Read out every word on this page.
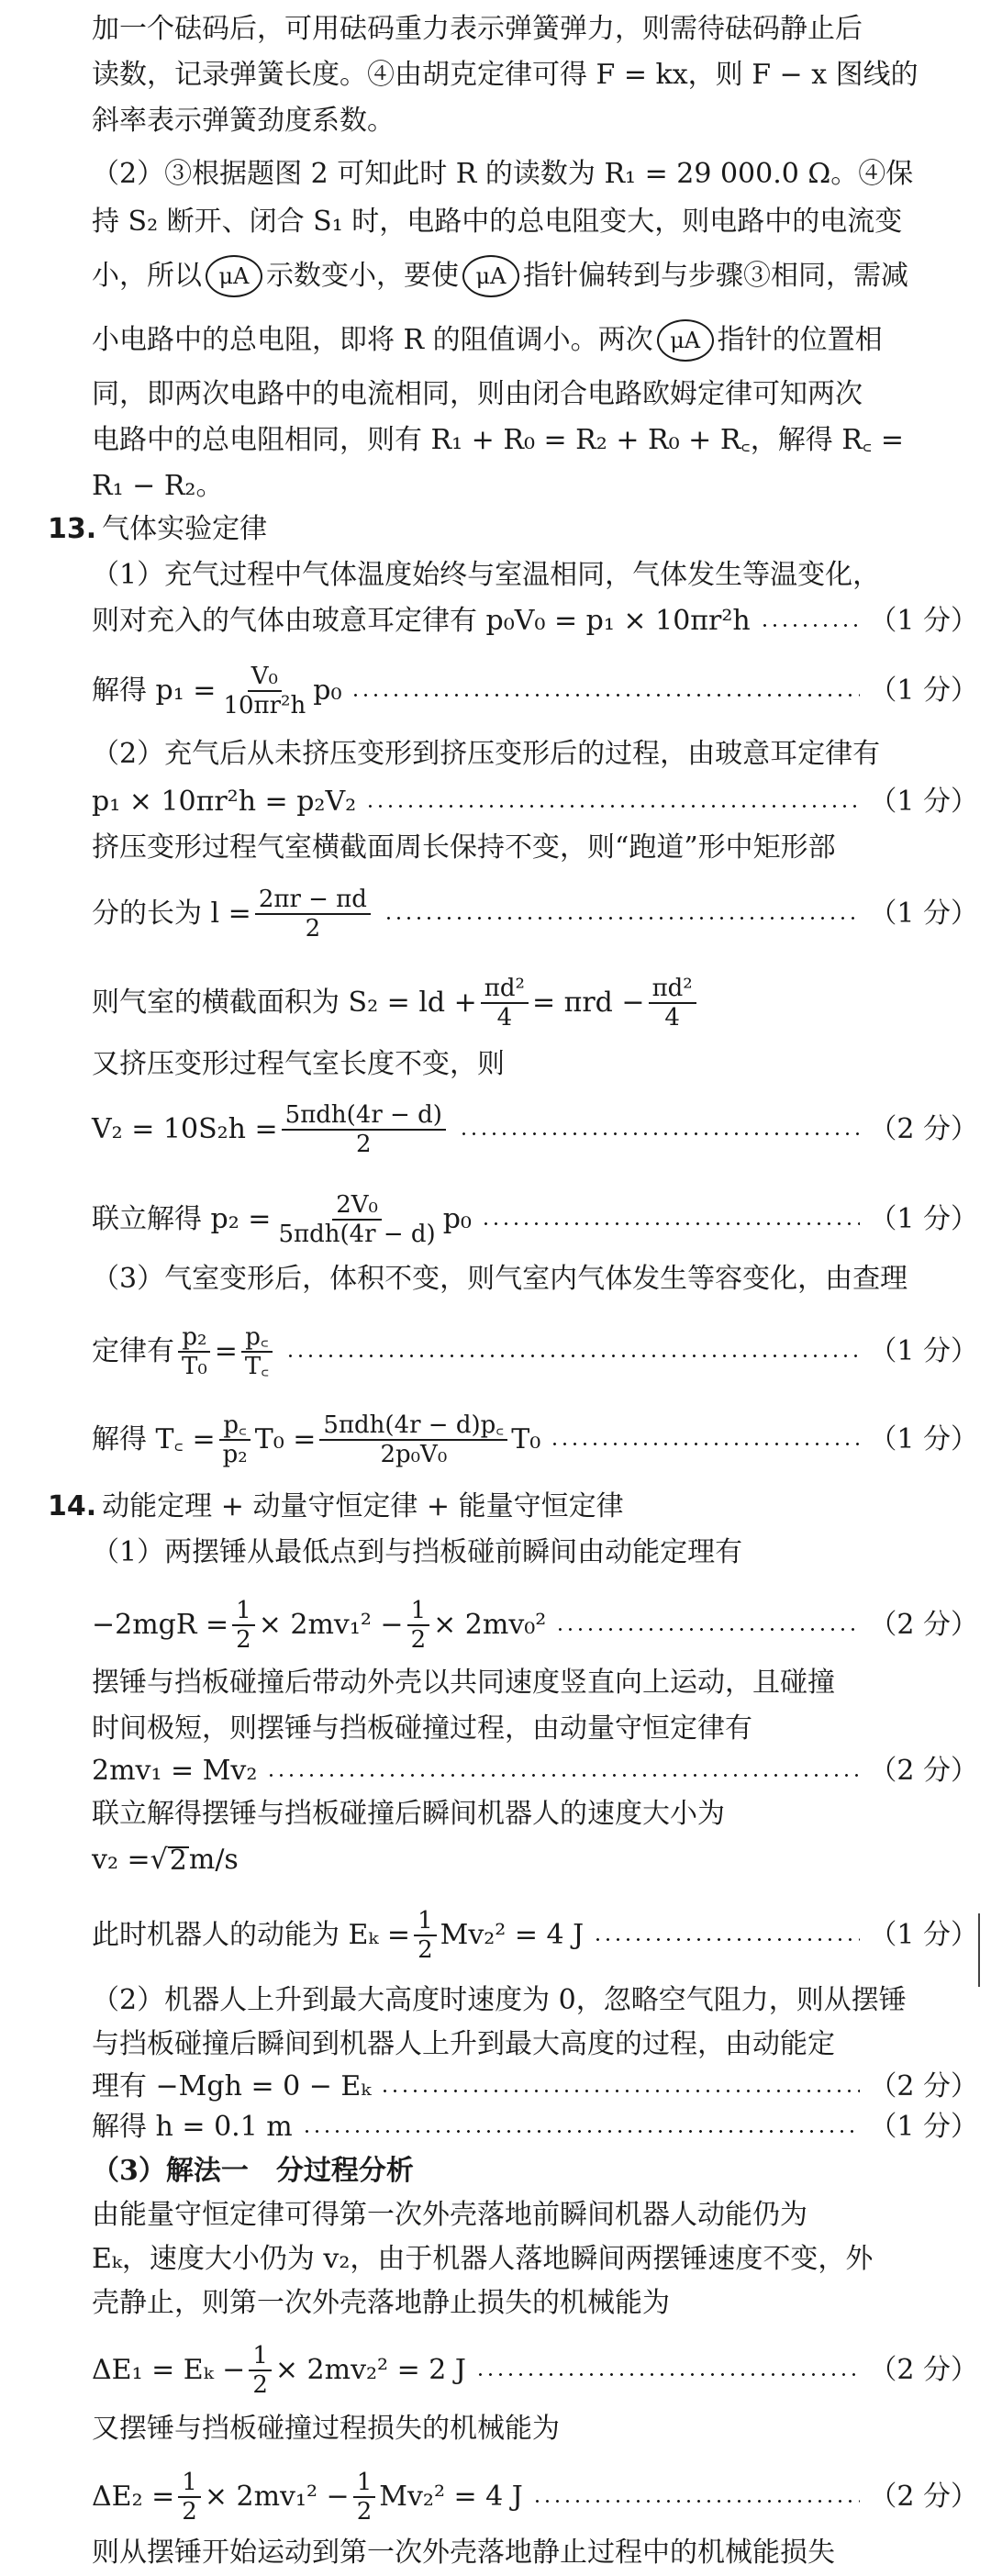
加一个砝码后，可用砝码重力表示弹簧弹力，则需待砝码静止后
读数，记录弹簧长度。④由胡克定律可得 F = kx，则 F − x 图线的
斜率表示弹簧劲度系数。
（2）③根据题图 2 可知此时 R 的读数为 R₁ = 29 000.0 Ω。④保
持 S₂ 断开、闭合 S₁ 时，电路中的总电阻变大，则电路中的电流变
小，所以 μA 示数变小，要使 μA 指针偏转到与步骤③相同，需减
小电路中的总电阻，即将 R 的阻值调小。两次 μA 指针的位置相
同，即两次电路中的电流相同，则由闭合电路欧姆定律可知两次
电路中的总电阻相同，则有 R₁ + R₀ = R₂ + R₀ + R꜀，解得 R꜀ =
R₁ − R₂。
13. 气体实验定律
（1）充气过程中气体温度始终与室温相同，气体发生等温变化，
则对充入的气体由玻意耳定律有 p₀V₀ = p₁ × 10πr²h	（1 分）
解得 $p_1 = \frac{\text{V₀}}{\text{10πr²h}} p_0$	（1 分）
（2）充气后从未挤压变形到挤压变形后的过程，由玻意耳定律有
p₁ × 10πr²h = p₂V₂	（1 分）
挤压变形过程气室横截面周长保持不变，则“跑道”形中矩形部
分的长为 $l = \frac{2\pi r - \pi d}{2}$	（1 分）
则气室的横截面积为 S₂ = ld + $\frac{\text{πd²}}{4} = \pi rd - \frac{\text{πd²}}{4}$
又挤压变形过程气室长度不变，则
$V_2 = 10S_2h = \frac{\text{5πdh(4r − d)}}{2}$	（2 分）
联立解得 $p_2 = \frac{\text{2V₀}}{\text{5πdh(4r − d)}} p_0$	（1 分）
（3）气室变形后，体积不变，则气室内气体发生等容变化，由查理
定律有 $\frac{\text{p₂}}{\text{T₀}} = \frac{p꜀}{T꜀}$	（1 分）
解得 T꜀ = $\frac{p꜀}{\text{p₂}} T_0 = \frac{\text{5πdh(4r − d)p꜀}}{\text{2p₀V₀}} T_0$	（1 分）
14. 动能定理 + 动量守恒定律 + 能量守恒定律
（1）两摆锤从最低点到与挡板碰前瞬间由动能定理有
$-2mgR = \frac{1}{2} \times 2mv_1^2 - \frac{1}{2} \times 2mv_0^2$	（2 分）
摆锤与挡板碰撞后带动外壳以共同速度竖直向上运动，且碰撞
时间极短，则摆锤与挡板碰撞过程，由动量守恒定律有
2mv₁ = Mv₂	（2 分）
联立解得摆锤与挡板碰撞后瞬间机器人的速度大小为
v₂ = √ 2 m/s
此时机器人的动能为 $E_k = \frac{1}{2} Mv_2^2 = 4$ J	（1 分）
（2）机器人上升到最大高度时速度为 0，忽略空气阻力，则从摆锤
与挡板碰撞后瞬间到机器人上升到最大高度的过程，由动能定
理有 −Mgh = 0 − Eₖ	（2 分）
解得 h = 0.1 m	（1 分）
（3）解法一　分过程分析
由能量守恒定律可得第一次外壳落地前瞬间机器人动能仍为
Eₖ，速度大小仍为 v₂，由于机器人落地瞬间两摆锤速度不变，外
壳静止，则第一次外壳落地静止损失的机械能为
$\Delta E_1 = E_k - \frac{1}{2} \times 2mv_2^2 = 2$ J	（2 分）
又摆锤与挡板碰撞过程损失的机械能为
$\Delta E_2 = \frac{1}{2} \times 2mv_1^2 - \frac{1}{2} Mv_2^2 = 4$ J	（2 分）
则从摆锤开始运动到第一次外壳落地静止过程中的机械能损失
